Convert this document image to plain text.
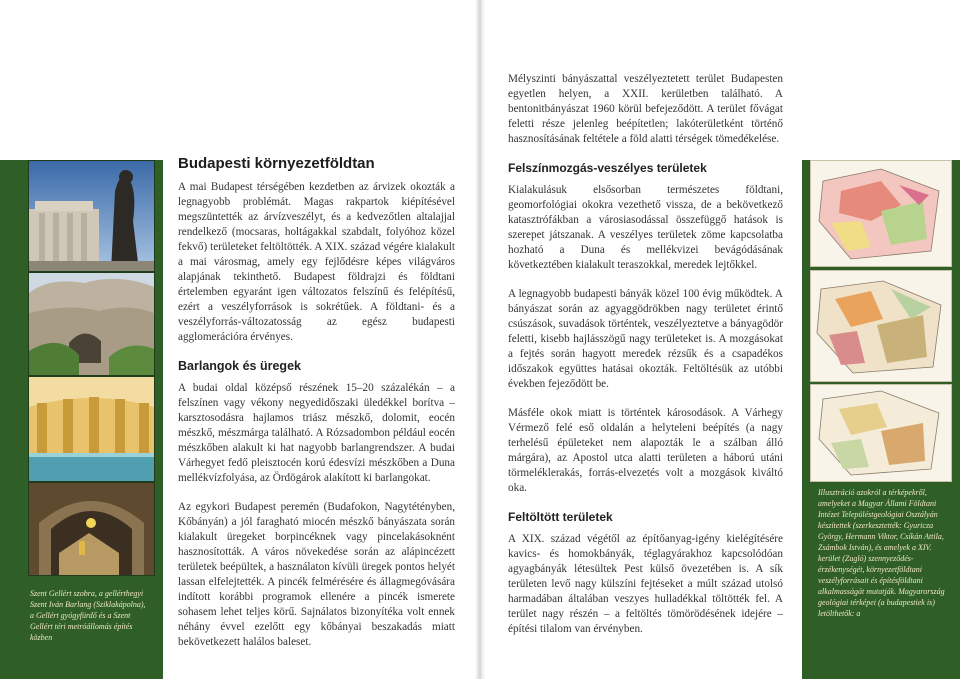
Szent Gellért szobra, a gellérthegyi Szent Iván Barlang (Sziklakápolna), a Gellért gyógyfürdő és a Szent Gellért téri metróállomás építés közben

Budapesti környezetföldtan

A mai Budapest térségében kezdetben az árvizek okozták a legnagyobb problémát. Magas rakpartok kiépítésével megszüntették az árvízveszélyt, és a kedvezőtlen altalajjal rendelkező (mocsaras, holtágakkal szabdalt, folyóhoz közel fekvő) területeket feltöltötték. A XIX. század végére kialakult a mai városmag, amely egy fejlődésre képes világváros alapjának tekinthető. Budapest földrajzi és földtani értelemben egyaránt igen változatos felszínű és felépítésű, ezért a veszélyforrások is sokrétűek. A földtani- és a veszélyforrás-változatosság az egész budapesti agglomerációra érvényes.

Barlangok és üregek

A budai oldal középső részének 15–20 százalékán – a felszínen vagy vékony negyedidőszaki üledékkel borítva – karsztosodásra hajlamos triász mészkő, dolomit, eocén mészkő, mészmárga található. A Rózsadombon például eocén mészkőben alakult ki hat nagyobb barlangrendszer. A budai Várhegyet fedő pleisztocén korú édesvízi mészkőben a Duna mellékvízfolyása, az Ördögárok alakított ki barlangokat.

Az egykori Budapest peremén (Budafokon, Nagytétényben, Kőbányán) a jól faragható miocén mészkő bányászata során kialakult üregeket borpincéknek vagy pincelakásoknént hasznosították. A város növekedése során az alápincézett területek beépültek, a használaton kívüli üregek pontos helyét lassan elfelejtették. A pincék felmérésére és állagmegóvására indított korábbi programok ellenére a pincék ismerete sohasem lehet teljes körű. Sajnálatos bizonyítéka volt ennek néhány évvel ezelőtt egy kőbányai beszakadás miatt bekövetkezett halálos baleset.

Mélyszinti bányászattal veszélyeztetett terület Budapesten egyetlen helyen, a XXII. kerületben található. A bentonitbányászat 1960 körül befejeződött. A terület fővágat feletti része jelenleg beépítetlen; lakóterületként történő hasznosításának feltétele a föld alatti térségek tömedékelése.

Felszínmozgás-veszélyes területek

Kialakulásuk elsősorban természetes földtani, geomorfológiai okokra vezethető vissza, de a bekövetkező katasztrófákban a városiasodással összefüggő hatások is szerepet játszanak. A veszélyes területek zöme kapcsolatba hozható a Duna és mellékvizei bevágódásának következtében kialakult teraszokkal, meredek lejtőkkel.

A legnagyobb budapesti bányák közel 100 évig működtek. A bányászat során az agyaggödrökben nagy területet érintő csúszások, suvadások történtek, veszélyeztetve a bányagödör feletti, kisebb hajlásszögű nagy területeket is. A mozgásokat a fejtés során hagyott meredek rézsűk és a csapadékos időszakok együttes hatásai okozták. Feltöltésük az utóbbi években fejeződött be.

Másféle okok miatt is történtek károsodások. A Várhegy Vérmező felé eső oldalán a helyteleni beépítés (a nagy terhelésű épületeket nem alapozták le a szálban álló márgára), az Apostol utca alatti területen a háború utáni törmeléklerakás, forrás-elvezetés volt a mozgások kiváltó oka.

Feltöltött területek

A XIX. század végétől az építőanyag-igény kielégítésére kavics- és homokbányák, téglagyárakhoz kapcsolódóan agyagbányák létesültek Pest külső övezetében is. A sík területen levő nagy külszíni fejtéseket a múlt század utolsó harmadában általában veszyes hulladékkal töltötték fel. A terület nagy részén – a feltöltés tömörödésének idejére – építési tilalom van érvényben.

Illusztráció azokról a térképekről, amelyeket a Magyar Állami Földtani Intézet Településtgeológiai Osztályán készítettek (szerkesztették: Gyuricza György, Hermann Viktor, Csíkán Attila, Zsámbok István), és amelyek a XIV. kerület (Zugló) szennyeződés-érzékenységét, környezetföldtani veszélyforrásait és építésföldtani alkalmasságát mutatják. Magyarország geológiai térképei (a budapestiek is) letölthetők: a
